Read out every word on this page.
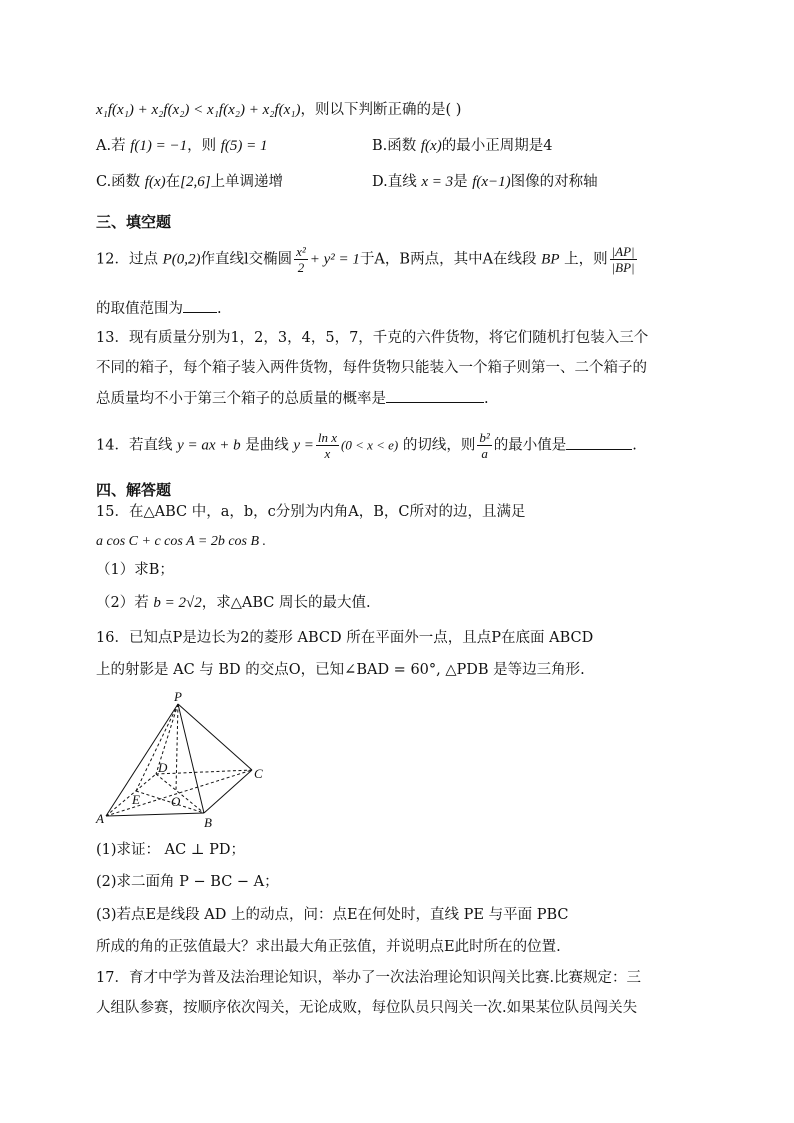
x₁f(x₁) + x₂f(x₂) < x₁f(x₂) + x₂f(x₁)，则以下判断正确的是( )
A.若 f(1) = −1，则 f(5) = 1	B.函数 f(x)的最小正周期是4
C.函数 f(x)在[2,6]上单调递增	D.直线 x = 3是 f(x−1)图像的对称轴
三、填空题
12．过点 P(0,2)作直线l交椭圆 $\frac{\text{x²}}{2} + y^2 = 1$于A，B两点，其中A在线段 BP 上，则 $\frac{|AP|}{|BP|}$
的取值范围为 .
13．现有质量分别为1，2，3，4，5，7，千克的六件货物，将它们随机打包装入三个
不同的箱子，每个箱子装入两件货物，每件货物只能装入一个箱子则第一、二个箱子的
总质量均不小于第三个箱子的总质量的概率是	.
14．若直线 y = ax + b 是曲线 $y = \frac{\text{ln x}}{x} (0 < x < e)$ 的切线，则 $\frac{\text{b²}}{a}$ 的最小值是	.
四、解答题
15．在△ABC 中，a，b，c分别为内角A，B，C所对的边，且满足
a cos C + c cos A = 2b cos B .
（1）求B；
（2）若 b = 2√2，求△ABC 周长的最大值.
16．已知点P是边长为2的菱形 ABCD 所在平面外一点，且点P在底面 ABCD
上的射影是 AC 与 BD 的交点O，已知∠BAD = 60°, △PDB 是等边三角形.
P
A	B
C
D
O
E
(1)求证： AC ⊥ PD；
(2)求二面角 P − BC − A；
(3)若点E是线段 AD 上的动点，问：点E在何处时，直线 PE 与平面 PBC
所成的角的正弦值最大？求出最大角正弦值，并说明点E此时所在的位置.
17．育才中学为普及法治理论知识，举办了一次法治理论知识闯关比赛.比赛规定：三
人组队参赛，按顺序依次闯关，无论成败，每位队员只闯关一次.如果某位队员闯关失
